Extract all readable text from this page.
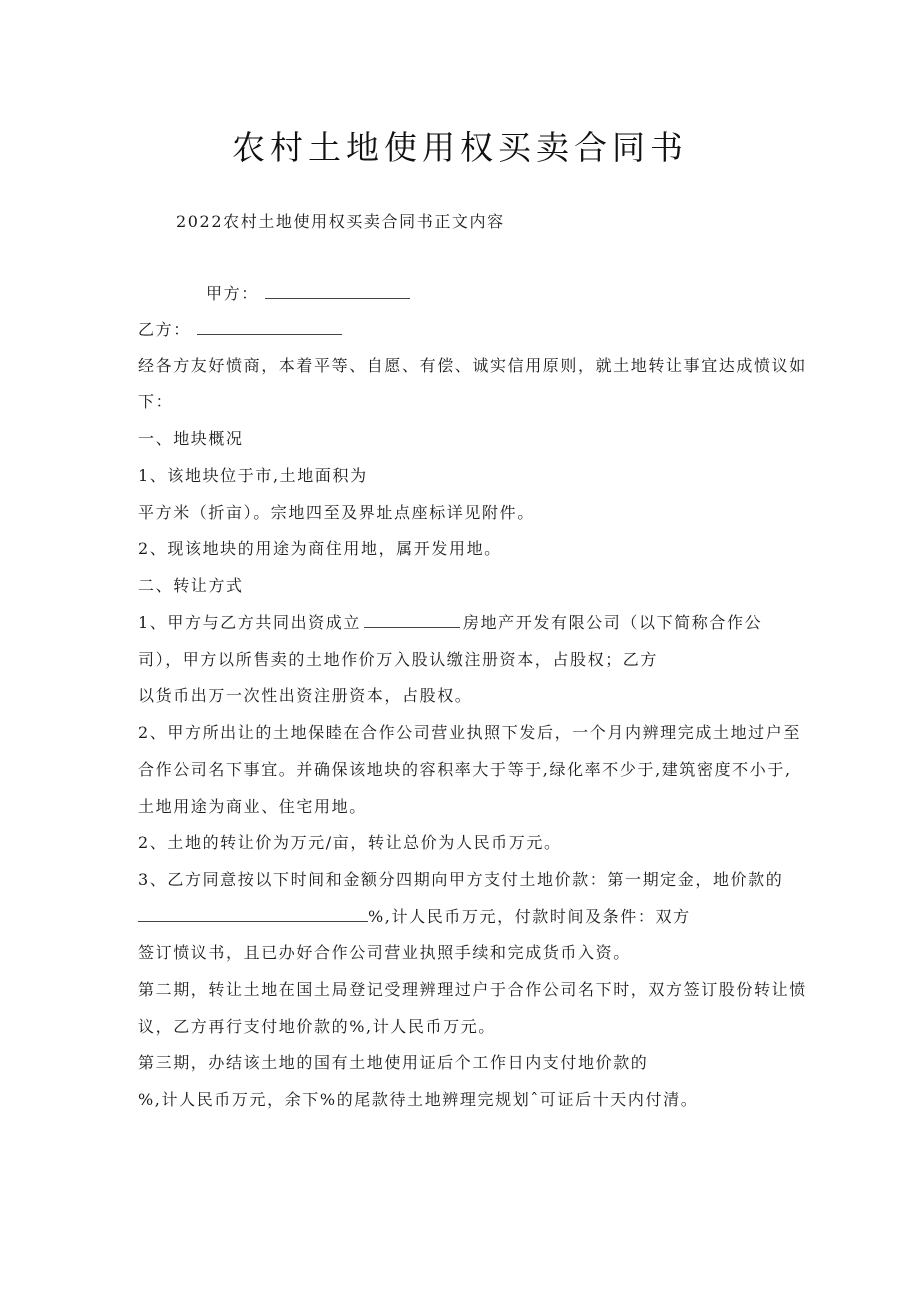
农村土地使用权买卖合同书
2022农村土地使用权买卖合同书正文内容
甲方：
乙方：
经各方友好愤商，本着平等、自愿、有偿、诚实信用原则，就土地转让事宜达成愤议如
下：
一、地块概况
1、该地块位于市,土地面积为
平方米（折亩）。宗地四至及界址点座标详见附件。
2、现该地块的用途为商住用地，属开发用地。
二、转让方式
1、甲方与乙方共同出资成立	房地产开发有限公司（以下简称合作公
司），甲方以所售卖的土地作价万入股认缴注册资本，占股权；乙方
以货币出万一次性出资注册资本，占股权。
2、甲方所出让的土地保睦在合作公司营业执照下发后，一个月内辨理完成土地过户至
合作公司名下事宜。并确保该地块的容积率大于等于,绿化率不少于,建筑密度不小于,
土地用途为商业、住宅用地。
2、土地的转让价为万元/亩，转让总价为人民币万元。
3、乙方同意按以下时间和金额分四期向甲方支付土地价款：第一期定金，地价款的
%,计人民币万元，付款时间及条件：双方
签订愤议书，且已办好合作公司营业执照手续和完成货币入资。
第二期，转让土地在国土局登记受理辨理过户于合作公司名下时，双方签订股份转让愤
议，乙方再行支付地价款的%,计人民币万元。
第三期，办结该土地的国有土地使用证后个工作日内支付地价款的
%,计人民币万元，余下%的尾款待土地辨理完规划ˆ可证后十天内付清。
